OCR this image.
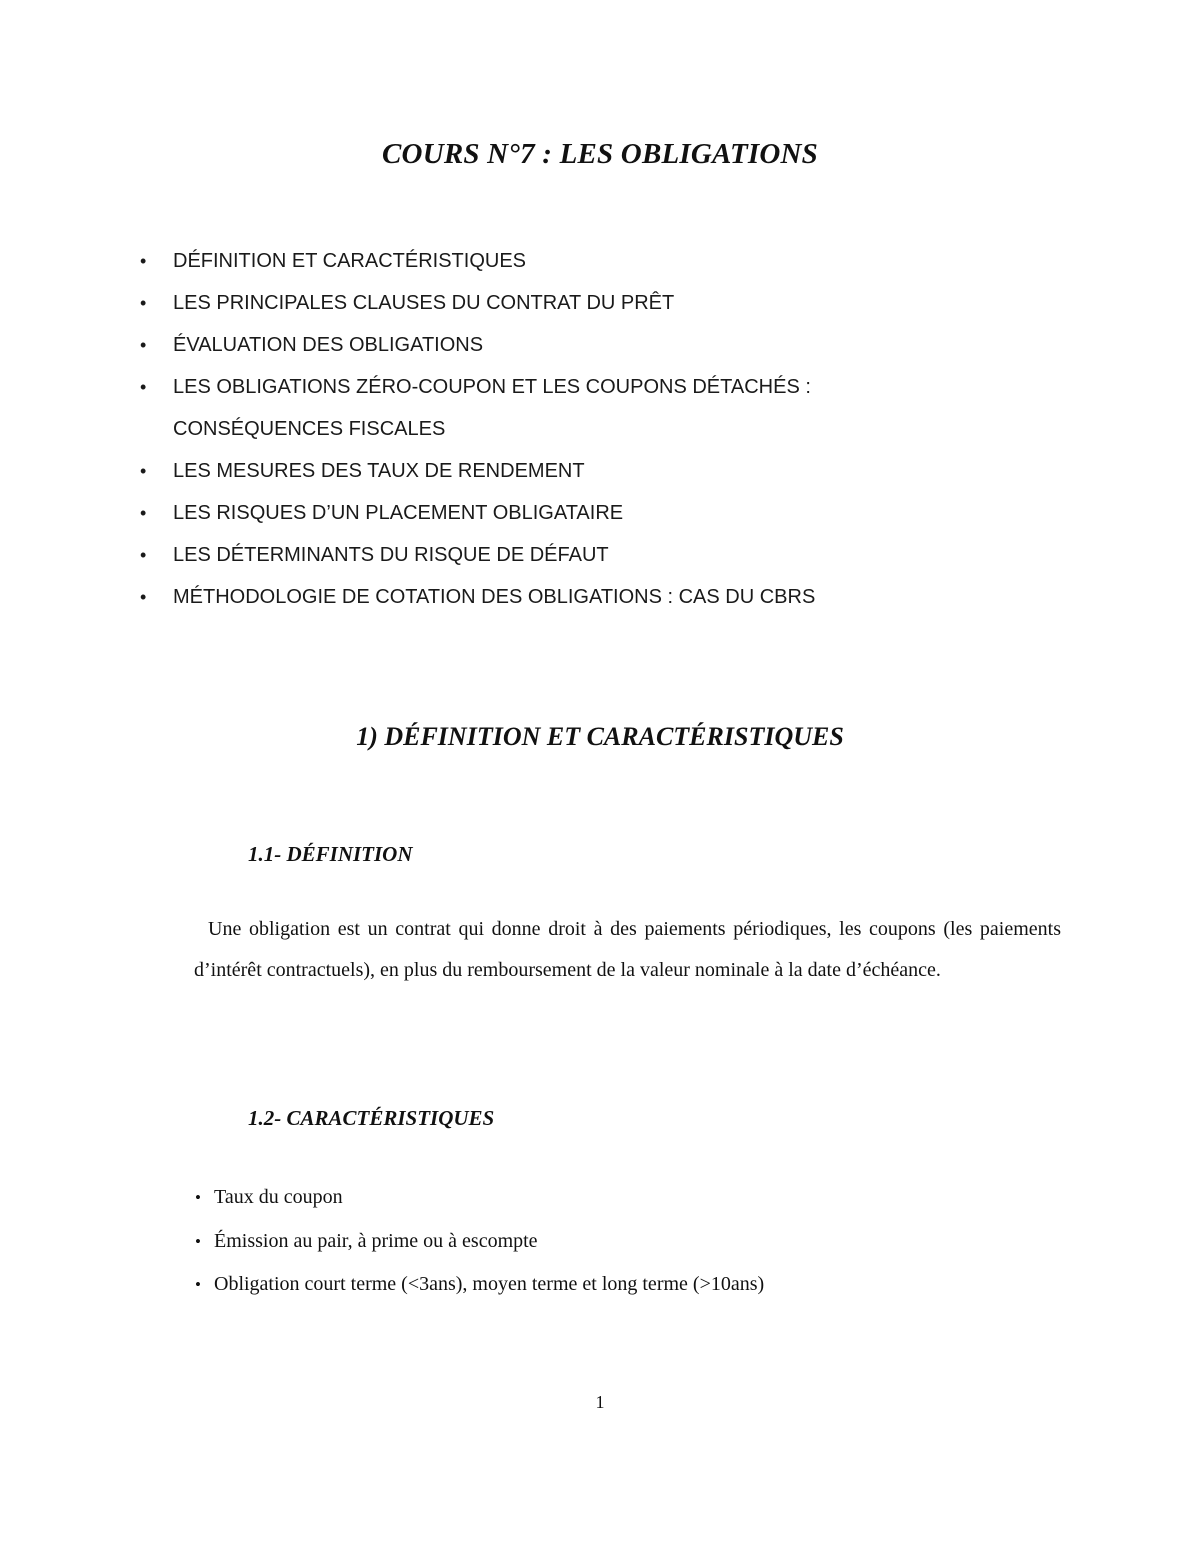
COURS N°7 : LES OBLIGATIONS
• DÉFINITION ET CARACTÉRISTIQUES
• LES PRINCIPALES CLAUSES DU CONTRAT DU PRÊT
• ÉVALUATION DES OBLIGATIONS
• LES OBLIGATIONS ZÉRO-COUPON ET LES COUPONS DÉTACHÉS : CONSÉQUENCES FISCALES
• LES MESURES DES TAUX DE RENDEMENT
• LES RISQUES D’UN PLACEMENT OBLIGATAIRE
• LES DÉTERMINANTS DU RISQUE DE DÉFAUT
• MÉTHODOLOGIE DE COTATION DES OBLIGATIONS : CAS DU CBRS
1) DÉFINITION ET CARACTÉRISTIQUES
1.1- DÉFINITION

Une obligation est un contrat qui donne droit à des paiements périodiques, les coupons (les paiements d’intérêt contractuels), en plus du remboursement de la valeur nominale à la date d’échéance.

1.2- CARACTÉRISTIQUES
• Taux du coupon
• Émission au pair, à prime ou à escompte
• Obligation court terme (<3ans), moyen terme et long terme (>10ans)

1
